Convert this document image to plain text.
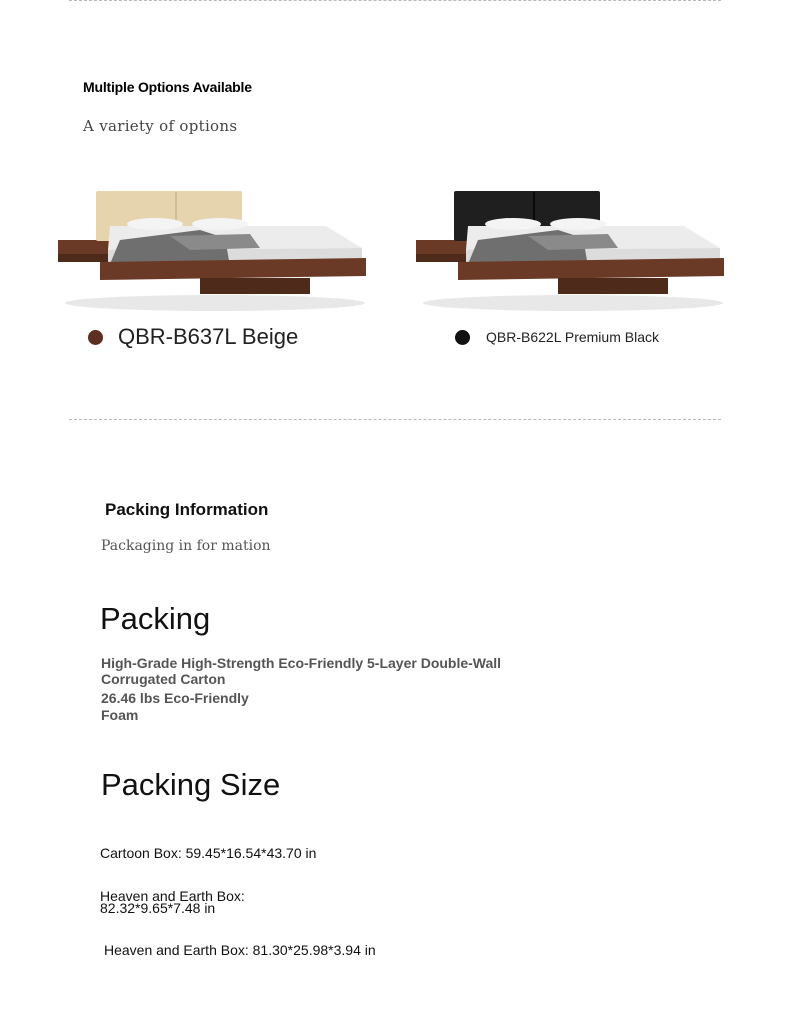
Multiple Options Available
A variety of options
QBR-B637L Beige	QBR-B622L Premium Black
Packing Information
Packaging in for mation
Packing
High-Grade High-Strength Eco-Friendly 5-Layer Double-Wall
Corrugated Carton
26.46 lbs Eco-Friendly
Foam
Packing Size
Cartoon Box: 59.45*16.54*43.70 in
Heaven and Earth Box:
82.32*9.65*7.48 in
Heaven and Earth Box: 81.30*25.98*3.94 in
